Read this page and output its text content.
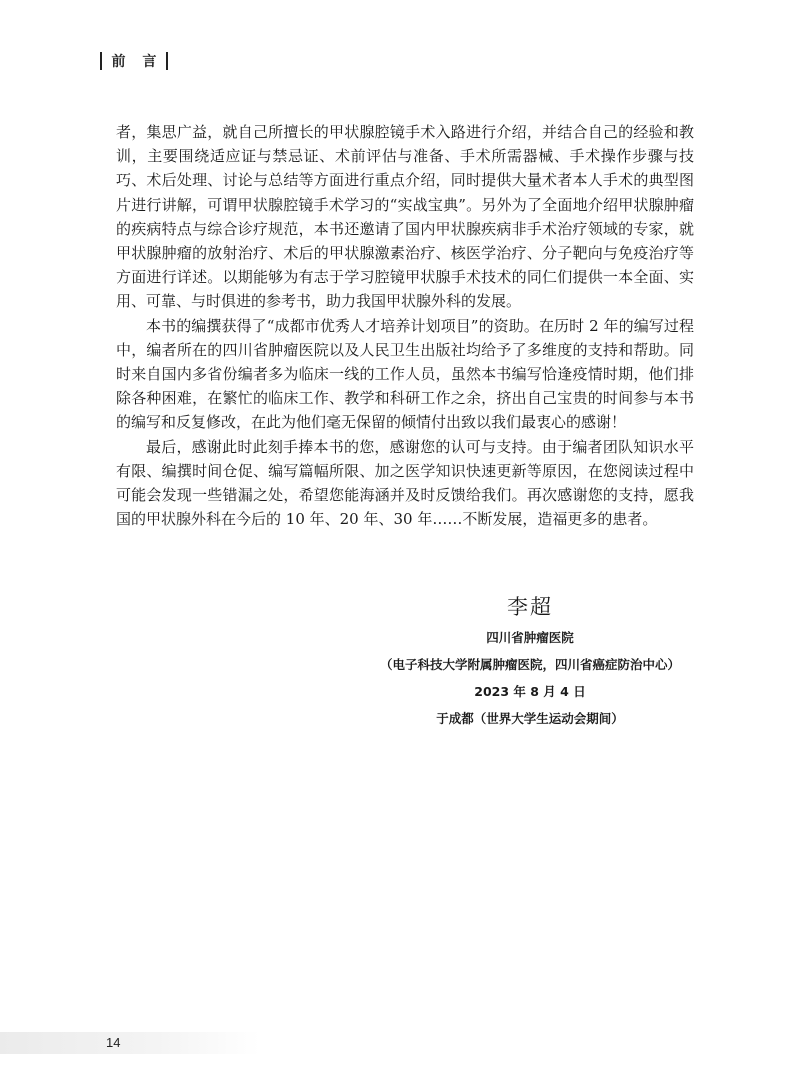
前 言

者，集思广益，就自己所擅长的甲状腺腔镜手术入路进行介绍，并结合自己的经验和教训，主要围绕适应证与禁忌证、术前评估与准备、手术所需器械、手术操作步骤与技巧、术后处理、讨论与总结等方面进行重点介绍，同时提供大量术者本人手术的典型图片进行讲解，可谓甲状腺腔镜手术学习的“实战宝典”。另外为了全面地介绍甲状腺肿瘤的疾病特点与综合诊疗规范，本书还邀请了国内甲状腺疾病非手术治疗领域的专家，就甲状腺肿瘤的放射治疗、术后的甲状腺激素治疗、核医学治疗、分子靶向与免疫治疗等方面进行详述。以期能够为有志于学习腔镜甲状腺手术技术的同仁们提供一本全面、实用、可靠、与时俱进的参考书，助力我国甲状腺外科的发展。

本书的编撰获得了“成都市优秀人才培养计划项目”的资助。在历时 2 年的编写过程中，编者所在的四川省肿瘤医院以及人民卫生出版社均给予了多维度的支持和帮助。同时来自国内多省份编者多为临床一线的工作人员，虽然本书编写恰逢疫情时期，他们排除各种困难，在繁忙的临床工作、教学和科研工作之余，挤出自己宝贵的时间参与本书的编写和反复修改，在此为他们毫无保留的倾情付出致以我们最衷心的感谢！

最后，感谢此时此刻手捧本书的您，感谢您的认可与支持。由于编者团队知识水平有限、编撰时间仓促、编写篇幅所限、加之医学知识快速更新等原因，在您阅读过程中可能会发现一些错漏之处，希望您能海涵并及时反馈给我们。再次感谢您的支持，愿我国的甲状腺外科在今后的 10 年、20 年、30 年……不断发展，造福更多的患者。

李超
四川省肿瘤医院
（电子科技大学附属肿瘤医院，四川省癌症防治中心）
2023 年 8 月 4 日
于成都（世界大学生运动会期间）
14
